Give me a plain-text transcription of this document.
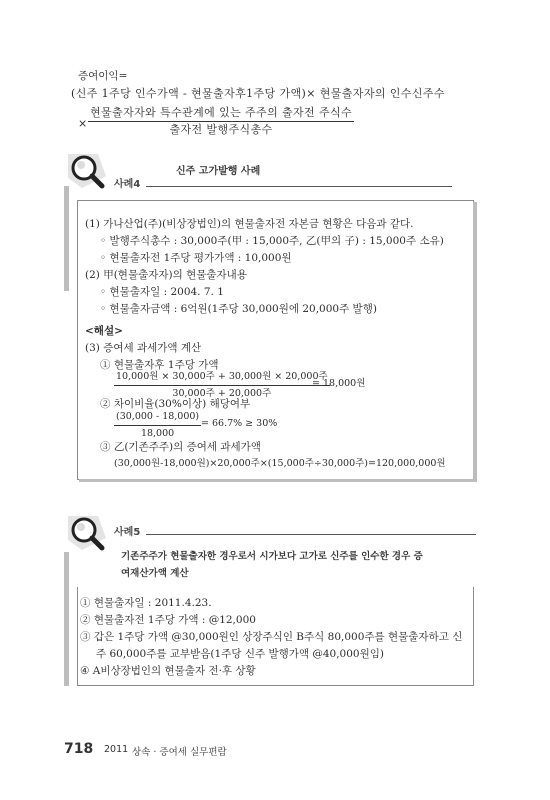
증여이익=
(신주 1주당 인수가액 - 현물출자후1주당 가액)× 현물출자자의 인수신주수
×
현물출자자와 특수관계에 있는 주주의 출자전 주식수
출자전 발행주식총수
사례4
신주 고가발행 사례
(1) 가나산업(주)(비상장법인)의 현물출자전 자본금 현황은 다음과 같다.
◦ 발행주식총수 : 30,000주(甲 : 15,000주, 乙(甲의 子) : 15,000주 소유)
◦ 현물출자전 1주당 평가가액 : 10,000원
(2) 甲(현물출자자)의 현물출자내용
◦ 현물출자일 : 2004. 7. 1
◦ 현물출자금액 : 6억원(1주당 30,000원에 20,000주 발행)
<해설>
(3) 증여세 과세가액 계산
① 현물출자후 1주당 가액
10,000원 × 30,000주 + 30,000원 × 20,000주
30,000주 + 20,000주
= 18,000원
② 차이비율(30%이상) 해당여부
$\frac{(30,000 - 18,000)}{18,000} = 66.7\% \ge 30\%$
③ 乙(기존주주)의 증여세 과세가액
(30,000원-18,000원)×20,000주×(15,000주÷30,000주)=120,000,000원
사례5
기존주주가 현물출자한 경우로서 시가보다 고가로 신주를 인수한 경우 증
여재산가액 계산
① 현물출자일 : 2011.4.23.
② 현물출자전 1주당 가액 : @12,000
③ 갑은 1주당 가액 @30,000원인 상장주식인 B주식 80,000주를 현물출자하고 신
주 60,000주를 교부받음(1주당 신주 발행가액 @40,000원임)
④ A비상장법인의 현물출자 전·후 상황
718 2011 상속 · 증여세 실무편람
